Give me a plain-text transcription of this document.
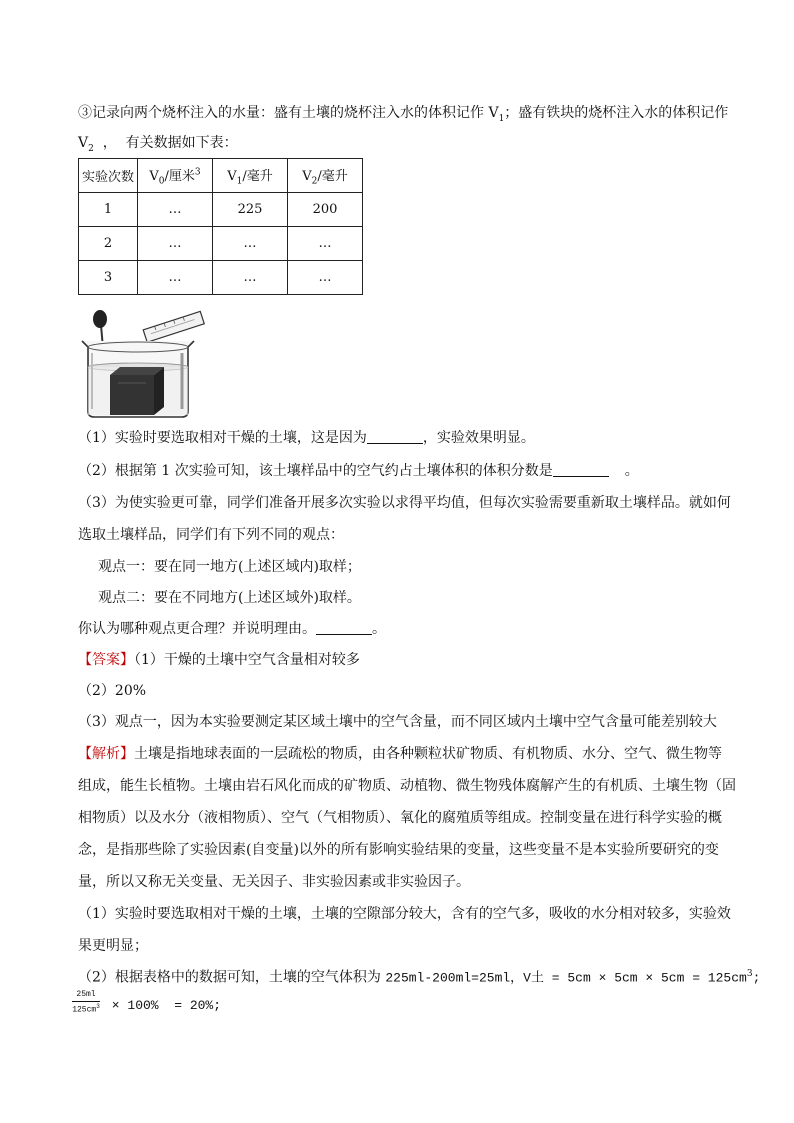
③记录向两个烧杯注入的水量：盛有土壤的烧杯注入水的体积记作 $V_1$；盛有铁块的烧杯注入水的体积记作
$V_2$  ，  有关数据如下表：
实验次数	$V_0/$厘米$^3$	$V_1/$毫升	$V_2/$毫升
1	…	225	200
2	…	…	…
3	…	…	…
（1）实验时要选取相对干燥的土壤，这是因为	，实验效果明显。
（2）根据第 1 次实验可知，该土壤样品中的空气约占土壤体积的体积分数是	。
（3）为使实验更可靠，同学们准备开展多次实验以求得平均值，但每次实验需要重新取土壤样品。就如何
选取土壤样品，同学们有下列不同的观点：
观点一：要在同一地方(上述区域内)取样；
观点二：要在不同地方(上述区域外)取样。
你认为哪种观点更合理？并说明理由。	。
【答案】（1）干燥的土壤中空气含量相对较多
（2）20%
（3）观点一，因为本实验要测定某区域土壤中的空气含量，而不同区域内土壤中空气含量可能差别较大
【解析】土壤是指地球表面的一层疏松的物质，由各种颗粒状矿物质、有机物质、水分、空气、微生物等
组成，能生长植物。土壤由岩石风化而成的矿物质、动植物、微生物残体腐解产生的有机质、土壤生物（固
相物质）以及水分（液相物质）、空气（气相物质）、氧化的腐殖质等组成。控制变量在进行科学实验的概
念，是指那些除了实验因素(自变量)以外的所有影响实验结果的变量，这些变量不是本实验所要研究的变
量，所以又称无关变量、无关因子、非实验因素或非实验因子。
（1）实验时要选取相对干燥的土壤，土壤的空隙部分较大，含有的空气多，吸收的水分相对较多，实验效
果更明显；
（2）根据表格中的数据可知，土壤的空气体积为 225ml-200ml=25ml，V土 = $5cm \times 5cm \times 5cm = 125cm^3$;
$\frac{25ml}{125cm^3} \times 100\% = 20\%$;
